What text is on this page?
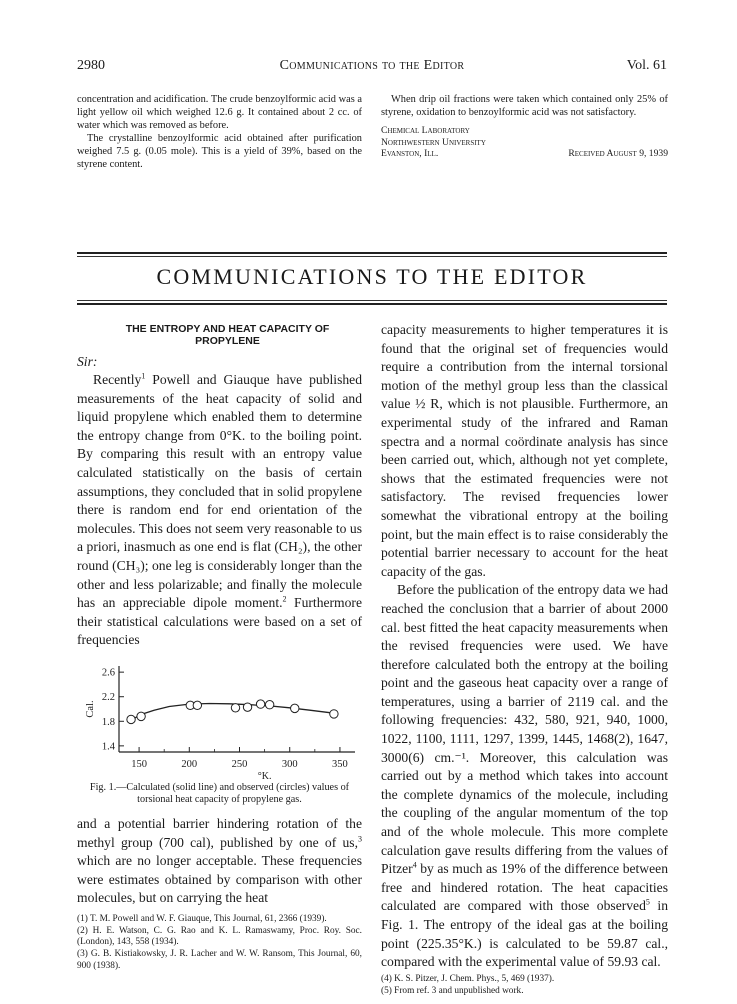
2980	Communications to the Editor	Vol. 61

concentration and acidification. The crude benzoylformic acid was a light yellow oil which weighed 12.6 g. It contained about 2 cc. of water which was removed as before.

The crystalline benzoylformic acid obtained after purification weighed 7.5 g. (0.05 mole). This is a yield of 39%, based on the styrene content.

When drip oil fractions were taken which contained only 25% of styrene, oxidation to benzoylformic acid was not satisfactory.

Chemical Laboratory
Northwestern University
Evanston, Ill.	Received August 9, 1939
COMMUNICATIONS TO THE EDITOR
THE ENTROPY AND HEAT CAPACITY OF
PROPYLENE
Sir:

Recently$^1$ Powell and Giauque have published measurements of the heat capacity of solid and liquid propylene which enabled them to determine the entropy change from 0°K. to the boiling point. By comparing this result with an entropy value calculated statistically on the basis of certain assumptions, they concluded that in solid propylene there is random end for end orientation of the molecules. This does not seem very reasonable to us a priori, inasmuch as one end is flat (CH₂), the other round (CH₃); one leg is considerably longer than the other and less polarizable; and finally the molecule has an appreciable dipole moment.$^2$ Furthermore their statistical calculations were based on a set of frequencies

1.4
1.8
2.2
2.6
150	200	250	300	350
Cal.
°K.
Fig. 1.—Calculated (solid line) and observed (circles) values of torsional heat capacity of propylene gas.

and a potential barrier hindering rotation of the methyl group (700 cal), published by one of us,$^3$ which are no longer acceptable. These frequencies were estimates obtained by comparison with other molecules, but on carrying the heat

(1) T. M. Powell and W. F. Giauque, This Journal, 61, 2366 (1939).

(2) H. E. Watson, C. G. Rao and K. L. Ramaswamy, Proc. Roy. Soc. (London), 143, 558 (1934).

(3) G. B. Kistiakowsky, J. R. Lacher and W. W. Ransom, This Journal, 60, 900 (1938).

capacity measurements to higher temperatures it is found that the original set of frequencies would require a contribution from the internal torsional motion of the methyl group less than the classical value ½ R, which is not plausible. Furthermore, an experimental study of the infrared and Raman spectra and a normal coördinate analysis has since been carried out, which, although not yet complete, shows that the estimated frequencies were not satisfactory. The revised frequencies lower somewhat the vibrational entropy at the boiling point, but the main effect is to raise considerably the potential barrier necessary to account for the heat capacity of the gas.

Before the publication of the entropy data we had reached the conclusion that a barrier of about 2000 cal. best fitted the heat capacity measurements when the revised frequencies were used. We have therefore calculated both the entropy at the boiling point and the gaseous heat capacity over a range of temperatures, using a barrier of 2119 cal. and the following frequencies: 432, 580, 921, 940, 1000, 1022, 1100, 1111, 1297, 1399, 1445, 1468(2), 1647, 3000(6) cm.⁻¹. Moreover, this calculation was carried out by a method which takes into account the complete dynamics of the molecule, including the coupling of the angular momentum of the top and of the whole molecule. This more complete calculation gave results differing from the values of Pitzer$^4$ by as much as 19% of the difference between free and hindered rotation. The heat capacities calculated are compared with those observed$^5$ in Fig. 1. The entropy of the ideal gas at the boiling point (225.35°K.) is calculated to be 59.87 cal., compared with the experimental value of 59.93 cal.

(4) K. S. Pitzer, J. Chem. Phys., 5, 469 (1937).

(5) From ref. 3 and unpublished work.
